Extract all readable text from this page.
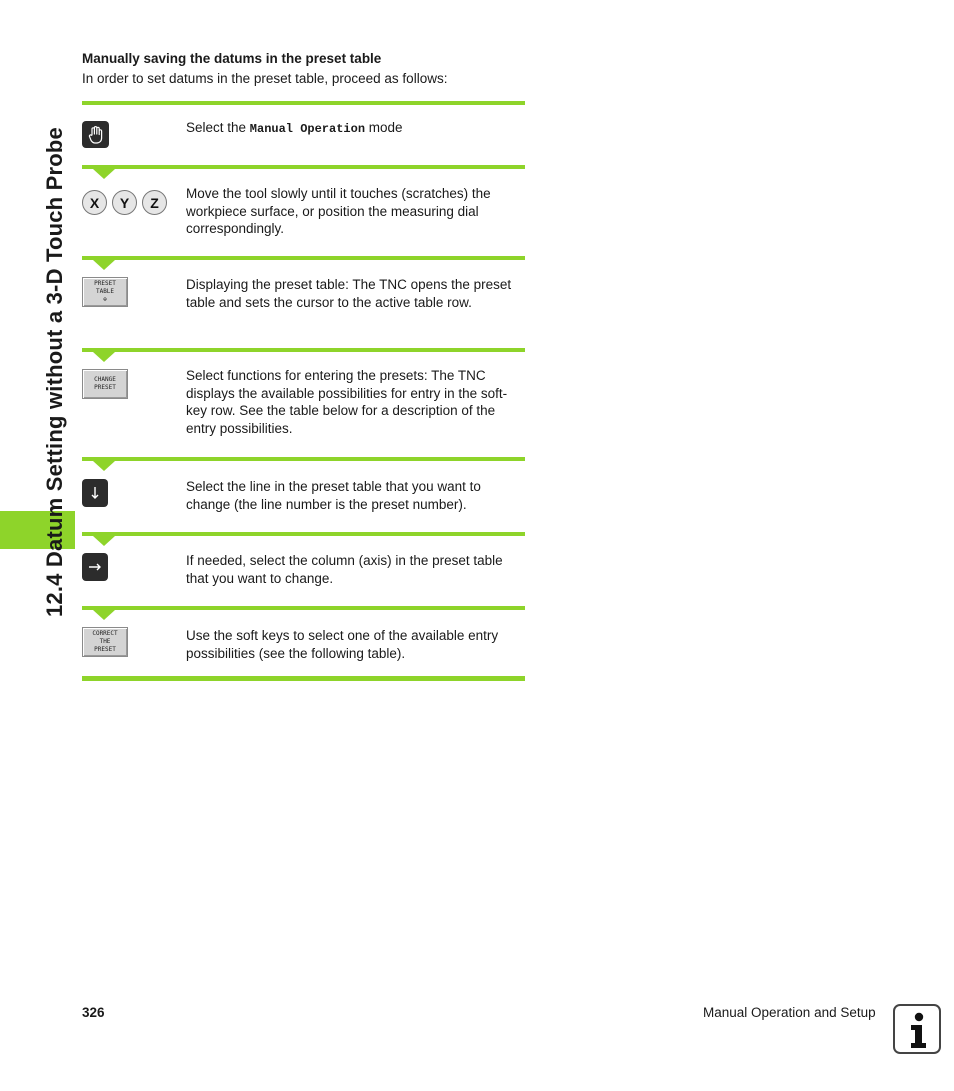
12.4 Datum Setting without a 3-D Touch Probe
Manually saving the datums in the preset table

In order to set datums in the preset table, proceed as follows:

Select the Manual Operation mode

X	Y	Z

Move the tool slowly until it touches (scratches) the workpiece surface, or position the measuring dial correspondingly.

PRESET
TABLE
⊕

Displaying the preset table: The TNC opens the preset table and sets the cursor to the active table row.

CHANGE
PRESET

Select functions for entering the presets: The TNC displays the available possibilities for entry in the soft-key row. See the table below for a description of the entry possibilities.

Select the line in the preset table that you want to change (the line number is the preset number).

If needed, select the column (axis) in the preset table that you want to change.

CORRECT
THE
PRESET

Use the soft keys to select one of the available entry possibilities (see the following table).

326	Manual Operation and Setup
